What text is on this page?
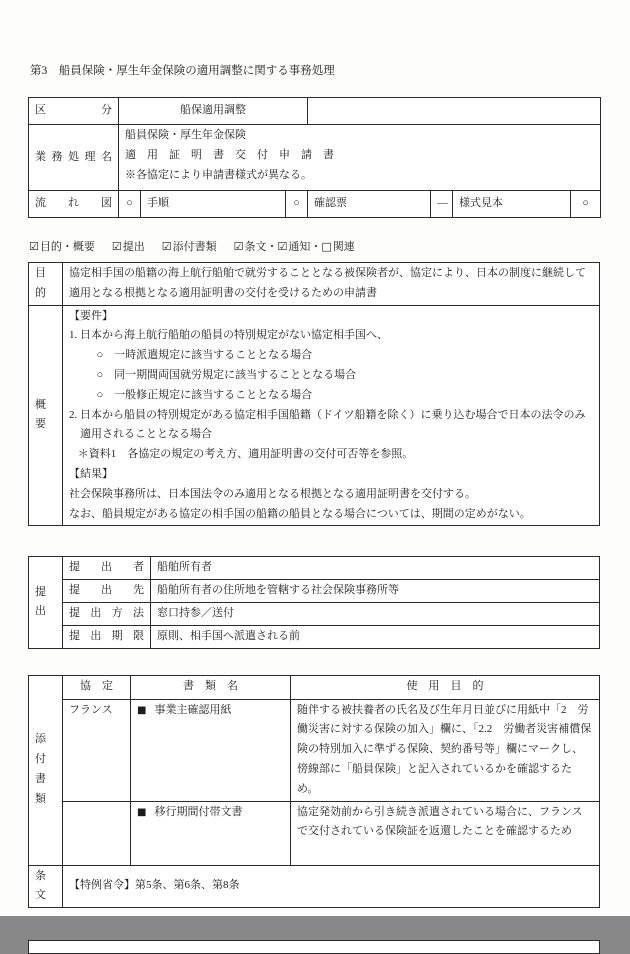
第3　船員保険・厚生年金保険の適用調整に関する事務処理
区分	船保適用調整						
業務処理名	船員保険・厚生年金保険
適　用　証　明　書　交　付　申　請　書
※各協定により申請書様式が異なる。						

流れ図	○	手順	○	確認票	―	様式見本	○
☑目的・概要 ☑提出 ☑添付書類 ☑条文・☑通知・□関連
目的	協定相手国の船籍の海上航行船舶で就労することとなる被保険者が、協定により、日本の制度に継続して適用となる根拠となる適用証明書の交付を受けるための申請書
概要	
【要件】
1. 日本から海上航行船舶の船員の特別規定がない協定相手国へ、
○　一時派遣規定に該当することとなる場合
○　同一期間両国就労規定に該当することとなる場合
○　一般修正規定に該当することとなる場合
2. 日本から船員の特別規定がある協定相手国船籍（ドイツ船籍を除く）に乗り込む場合で日本の法令のみ適用されることとなる場合
＊資料1　各協定の規定の考え方、適用証明書の交付可否等を参照。
【結果】
社会保険事務所は、日本国法令のみ適用となる根拠となる適用証明書を交付する。
なお、船員規定がある協定の相手国の船籍の船員となる場合については、期間の定めがない。
提出	提出者	船舶所有者
	提出先	船舶所有者の住所地を管轄する社会保険事務所等
	提出方法	窓口持参／送付
	提出期限	原則、相手国へ派遣される前
添付
書類	協　定	書　類　名	使　用　目　的
	フランス	■ 事業主確認用紙	随伴する被扶養者の氏名及び生年月日並びに用紙中「2　労働災害に対する保険の加入」欄に、「2.2　労働者災害補償保険の特別加入に準ずる保険、契約番号等」欄にマークし、傍線部に「船員保険」と記入されているかを確認するため。
		■ 移行期間付帯文書	協定発効前から引き続き派遣されている場合に、フランスで交付されている保険証を返還したことを確認するため
条文	【特例省令】第5条、第6条、第8条		
